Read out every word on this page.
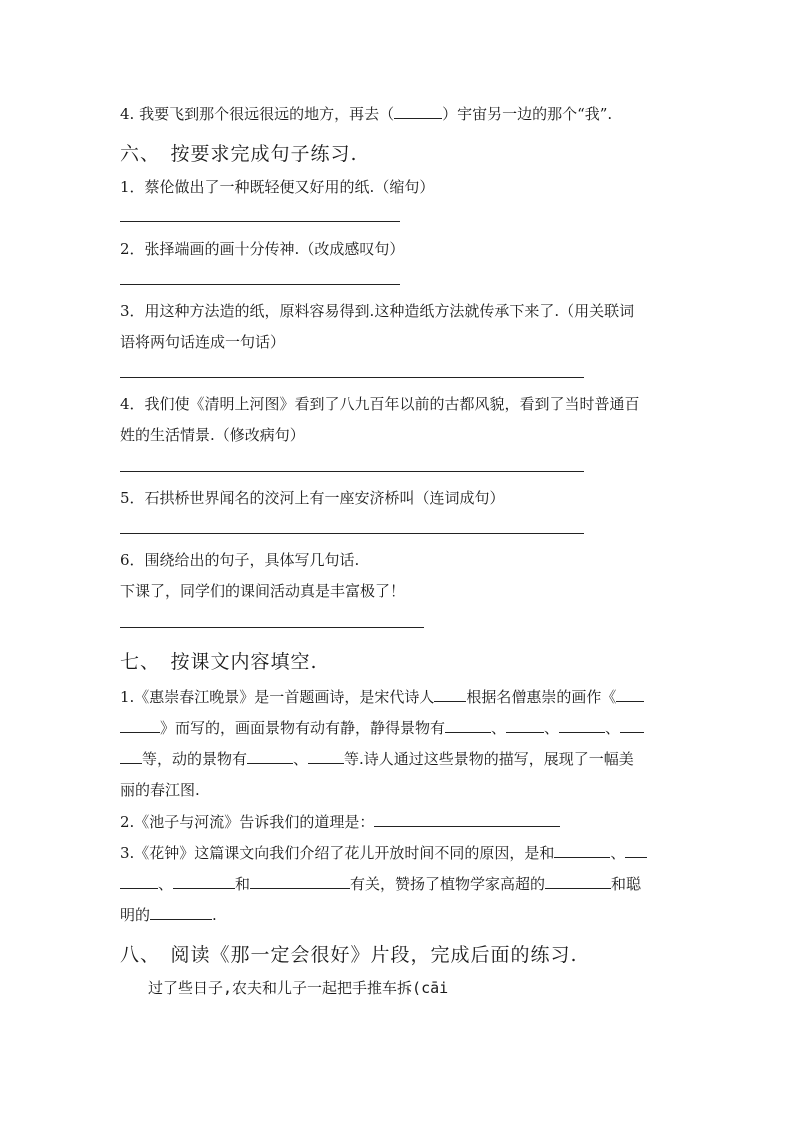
4. 我要飞到那个很远很远的地方，再去（	）宇宙另一边的那个“我”.
六、　按要求完成句子练习.
1．蔡伦做出了一种既轻便又好用的纸.（缩句）
2．张择端画的画十分传神.（改成感叹句）
3．用这种方法造的纸，原料容易得到.这种造纸方法就传承下来了.（用关联词
语将两句话连成一句话）
4．我们使《清明上河图》看到了八九百年以前的古都风貌，看到了当时普通百
姓的生活情景.（修改病句）
5．石拱桥世界闻名的洨河上有一座安济桥叫（连词成句）
6．围绕给出的句子，具体写几句话.
下课了，同学们的课间活动真是丰富极了！
七、　按课文内容填空.
1.《惠崇春江晚景》是一首题画诗，是宋代诗人 根据名僧惠崇的画作《
》而写的，画面景物有动有静，静得景物有	、	、	、
等，动的景物有	、 等.诗人通过这些景物的描写，展现了一幅美
丽的春江图.
2.《池子与河流》告诉我们的道理是：
3.《花钟》这篇课文向我们介绍了花儿开放时间不同的原因，是和	、
、	和	有关，赞扬了植物学家高超的	和聪
明的	.
八、　阅读《那一定会很好》片段，完成后面的练习.
过了些日子,农夫和儿子一起把手推车拆(cāi
